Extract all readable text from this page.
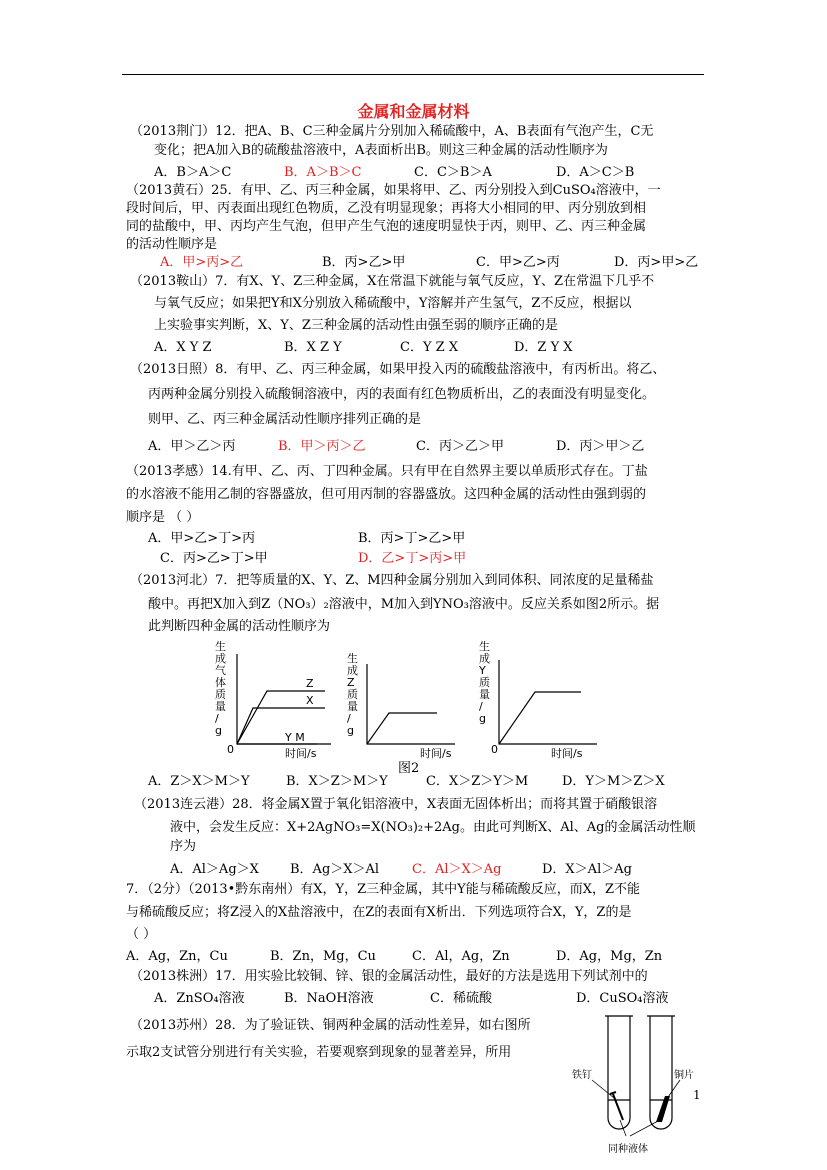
金属和金属材料
（2013荆门）12．把A、B、C三种金属片分别加入稀硫酸中，A、B表面有气泡产生，C无
变化；把A加入B的硫酸盐溶液中，A表面析出B。则这三种金属的活动性顺序为
A．B＞A＞C	B．A＞B＞C	C．C＞B＞A	D．A＞C＞B
（2013黄石）25．有甲、乙、丙三种金属，如果将甲、乙、丙分别投入到CuSO₄溶液中，一
段时间后，甲、丙表面出现红色物质，乙没有明显现象；再将大小相同的甲、丙分别放到相
同的盐酸中，甲、丙均产生气泡，但甲产生气泡的速度明显快于丙，则甲、乙、丙三种金属
的活动性顺序是
A．甲>丙>乙	B．丙>乙>甲	C．甲>乙>丙	D．丙>甲>乙
（2013鞍山）7．有X、Y、Z三种金属，X在常温下就能与氧气反应，Y、Z在常温下几乎不
与氧气反应；如果把Y和X分别放入稀硫酸中，Y溶解并产生氢气，Z不反应，根据以
上实验事实判断，X、Y、Z三种金属的活动性由强至弱的顺序正确的是
A．X Y Z	B．X Z Y	C．Y Z X	D．Z Y X
（2013日照）8．有甲、乙、丙三种金属，如果甲投入丙的硫酸盐溶液中，有丙析出。将乙、
丙两种金属分别投入硫酸铜溶液中，丙的表面有红色物质析出，乙的表面没有明显变化。
则甲、乙、丙三种金属活动性顺序排列正确的是
A．甲＞乙＞丙	B．甲＞丙＞乙	C．丙＞乙＞甲	D．丙＞甲＞乙
（2013孝感）14.有甲、乙、丙、丁四种金属。只有甲在自然界主要以单质形式存在。丁盐
的水溶液不能用乙制的容器盛放，但可用丙制的容器盛放。这四种金属的活动性由强到弱的
顺序是 （ ）
A．甲>乙>丁>丙	B．丙>丁>乙>甲
C．丙>乙>丁>甲	D．乙>丁>丙>甲
（2013河北）7．把等质量的X、Y、Z、M四种金属分别加入到同体积、同浓度的足量稀盐
酸中。再把X加入到Z（NO₃）₂溶液中，M加入到YNO₃溶液中。反应关系如图2所示。据
此判断四种金属的活动性顺序为
生
成
气
体
质
量
/
g
0	时间/s
Z
X
Y M
生
成
Z
质
量
/
g
时间/s
生
成
Y
质
量
/
g
0	时间/s
图2
A．Z＞X＞M＞Y	B．X＞Z＞M＞Y	C．X＞Z＞Y＞M	D．Y＞M＞Z＞X
（2013连云港）28．将金属X置于氧化铝溶液中，X表面无固体析出；而将其置于硝酸银溶
液中，会发生反应：X+2AgNO₃=X(NO₃)₂+2Ag。由此可判断X、Al、Ag的金属活动性顺
序为
A．Al＞Ag＞X B．Ag＞X＞Al	C．Al＞X＞Ag	D．X＞Al＞Ag
7．（2分）（2013•黔东南州）有X，Y，Z三种金属，其中Y能与稀硫酸反应，而X，Z不能
与稀硫酸反应；将Z浸入的X盐溶液中，在Z的表面有X析出．下列选项符合X，Y，Z的是
（ ）
A．Ag，Zn，Cu	B．Zn，Mg，Cu	C．Al，Ag，Zn	D．Ag，Mg，Zn
（2013株洲）17．用实验比较铜、锌、银的金属活动性，最好的方法是选用下列试剂中的
A．ZnSO₄溶液	B．NaOH溶液	C．稀硫酸	D．CuSO₄溶液
（2013苏州）28．为了验证铁、铜两种金属的活动性差异，如右图所
示取2支试管分别进行有关实验，若要观察到现象的显著差异，所用
铁钉	铜片
同种液体
1
